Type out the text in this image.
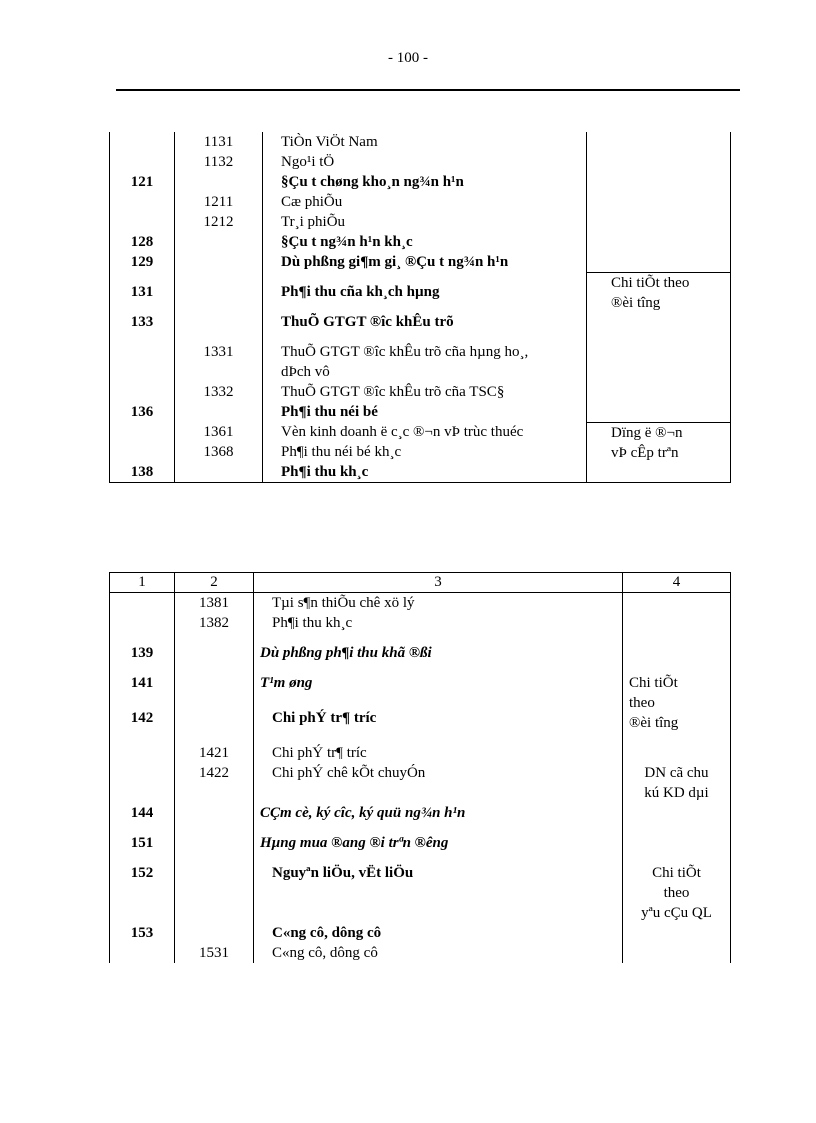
- 100 -
	1131	TiÒn ViÖt Nam	
	1132	Ngo¹i tÖ	
121		§Çu t chøng kho¸n ng¾n h¹n	
	1211	Cæ phiÕu	
	1212	Tr¸i phiÕu	
128		§Çu t ng¾n h¹n kh¸c	
129		Dù phßng gi¶m gi¸ ®Çu t ng¾n h¹n	
131		Ph¶i thu cña kh¸ch hµng	Chi tiÕt theo
®èi tîng

133		ThuÕ GTGT ®îc khÊu trõ	
	1331	ThuÕ GTGT ®îc khÊu trõ cña hµng ho¸,
dÞch vô	

	1332	ThuÕ GTGT ®îc khÊu trõ cña TSC§	
136		Ph¶i thu néi bé	
	1361	Vèn kinh doanh ë c¸c ®¬n vÞ trùc thuéc	Dïng ë ®¬n
vÞ cÊp trªn

	1368	Ph¶i thu néi bé kh¸c	
138		Ph¶i thu kh¸c	
1	2	3	4
	1381	Tµi s¶n thiÕu chê xö lý	
	1382	Ph¶i thu kh¸c	
139		Dù phßng ph¶i thu khã ®ßi	
141		T¹m øng	Chi tiÕt
theo
®èi tîng

142		Chi phÝ tr¶ tríc	
	1421	Chi phÝ tr¶ tríc	
	1422	Chi phÝ chê kÕt chuyÓn	DN cã chu
kú KD dµi

144		CÇm cè, ký cîc, ký quü ng¾n h¹n	
151		Hµng mua ®ang ®i trªn ®êng	
152		Nguyªn liÖu, vËt liÖu	Chi tiÕt
theo
yªu cÇu QL

153		C«ng cô, dông cô	
	1531	C«ng cô, dông cô	
